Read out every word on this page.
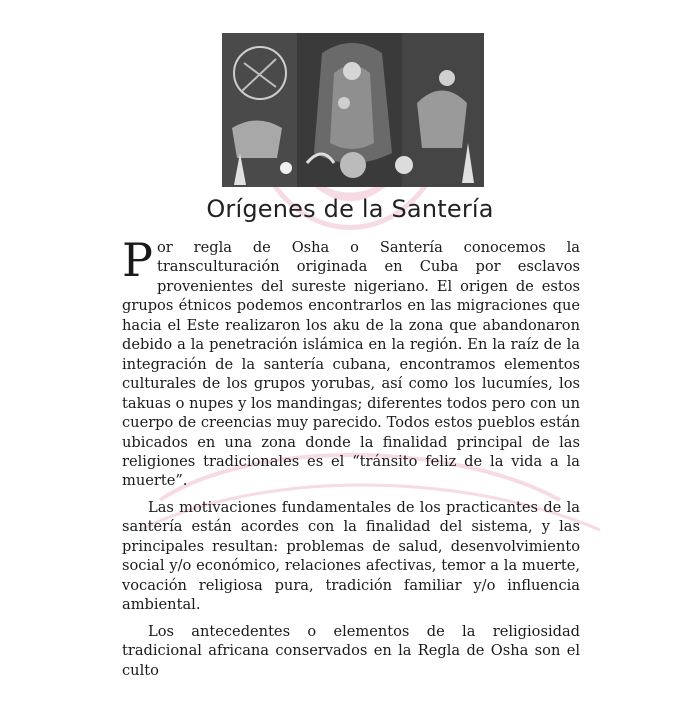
Orígenes de la Santería

Por regla de Osha o Santería conocemos la transculturación originada en Cuba por esclavos provenientes del sureste nigeriano. El origen de estos grupos étnicos podemos encontrarlos en las migraciones que hacia el Este realizaron los aku de la zona que abandonaron debido a la penetración islámica en la región. En la raíz de la integración de la santería cubana, encontramos elementos culturales de los grupos yorubas, así como los lucumíes, los takuas o nupes y los mandingas; diferentes todos pero con un cuerpo de creencias muy parecido. Todos estos pueblos están ubicados en una zona donde la finalidad principal de las religiones tradicionales es el “tránsito feliz de la vida a la muerte”.

Las motivaciones fundamentales de los practicantes de la santería están acordes con la finalidad del sistema, y las principales resultan: problemas de salud, desenvolvimiento social y/o económico, relaciones afectivas, temor a la muerte, vocación religiosa pura, tradición familiar y/o influencia ambiental.

Los antecedentes o elementos de la religiosidad tradicional africana conservados en la Regla de Osha son el culto
